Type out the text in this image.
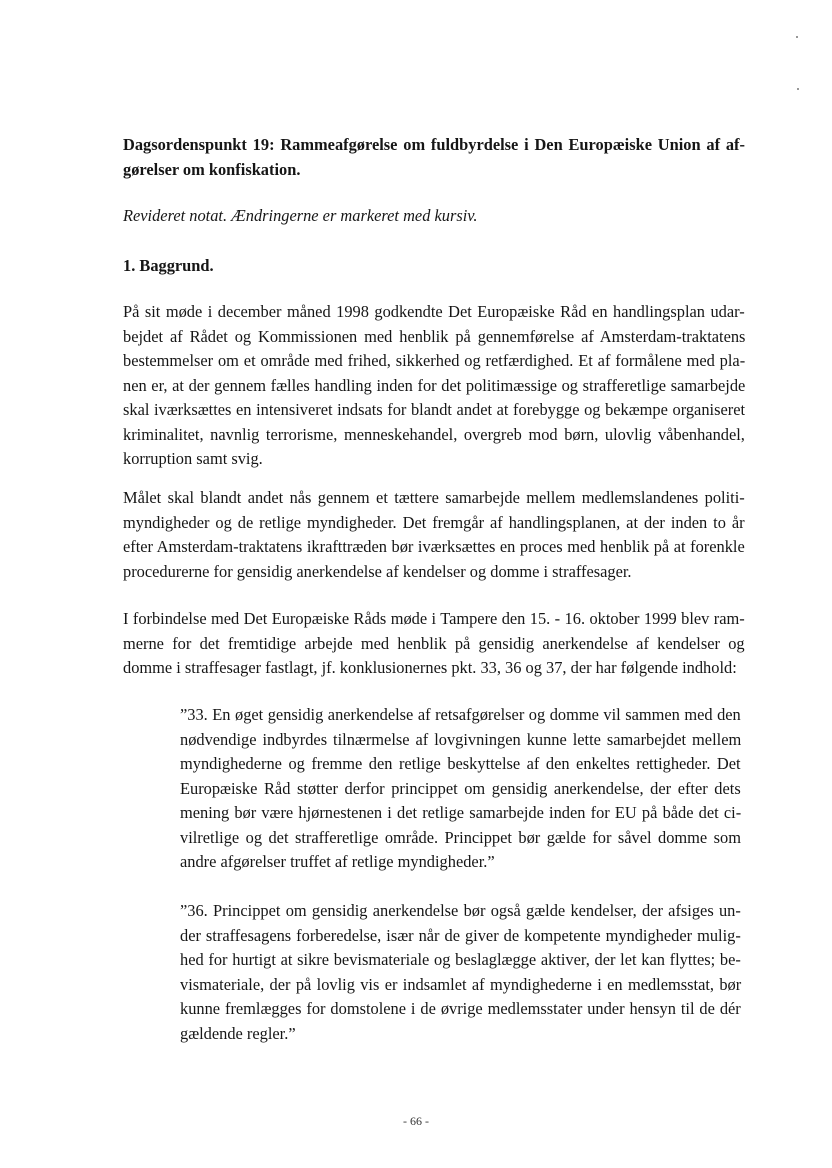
Dagsordenspunkt 19: Rammeafgørelse om fuldbyrdelse i Den Europæiske Union af af-
gørelser om konfiskation.
Revideret notat. Ændringerne er markeret med kursiv.
1. Baggrund.
På sit møde i december måned 1998 godkendte Det Europæiske Råd en handlingsplan udar-
bejdet af Rådet og Kommissionen med henblik på gennemførelse af Amsterdam-traktatens
bestemmelser om et område med frihed, sikkerhed og retfærdighed. Et af formålene med pla-
nen er, at der gennem fælles handling inden for det politimæssige og strafferetlige samarbejde
skal iværksættes en intensiveret indsats for blandt andet at forebygge og bekæmpe organiseret
kriminalitet, navnlig terrorisme, menneskehandel, overgreb mod børn, ulovlig våbenhandel,
korruption samt svig.
Målet skal blandt andet nås gennem et tættere samarbejde mellem medlemslandenes politi-
myndigheder og de retlige myndigheder. Det fremgår af handlingsplanen, at der inden to år
efter Amsterdam-traktatens ikrafttræden bør iværksættes en proces med henblik på at forenkle
procedurerne for gensidig anerkendelse af kendelser og domme i straffesager.
I forbindelse med Det Europæiske Råds møde i Tampere den 15. - 16. oktober 1999 blev ram-
merne for det fremtidige arbejde med henblik på gensidig anerkendelse af kendelser og
domme i straffesager fastlagt, jf. konklusionernes pkt. 33, 36 og 37, der har følgende indhold:
”33. En øget gensidig anerkendelse af retsafgørelser og domme vil sammen med den
nødvendige indbyrdes tilnærmelse af lovgivningen kunne lette samarbejdet mellem
myndighederne og fremme den retlige beskyttelse af den enkeltes rettigheder. Det
Europæiske Råd støtter derfor princippet om gensidig anerkendelse, der efter dets
mening bør være hjørnestenen i det retlige samarbejde inden for EU på både det ci-
vilretlige og det strafferetlige område. Princippet bør gælde for såvel domme som
andre afgørelser truffet af retlige myndigheder.”
”36. Princippet om gensidig anerkendelse bør også gælde kendelser, der afsiges un-
der straffesagens forberedelse, især når de giver de kompetente myndigheder mulig-
hed for hurtigt at sikre bevismateriale og beslaglægge aktiver, der let kan flyttes; be-
vismateriale, der på lovlig vis er indsamlet af myndighederne i en medlemsstat, bør
kunne fremlægges for domstolene i de øvrige medlemsstater under hensyn til de dér
gældende regler.”
- 66 -
